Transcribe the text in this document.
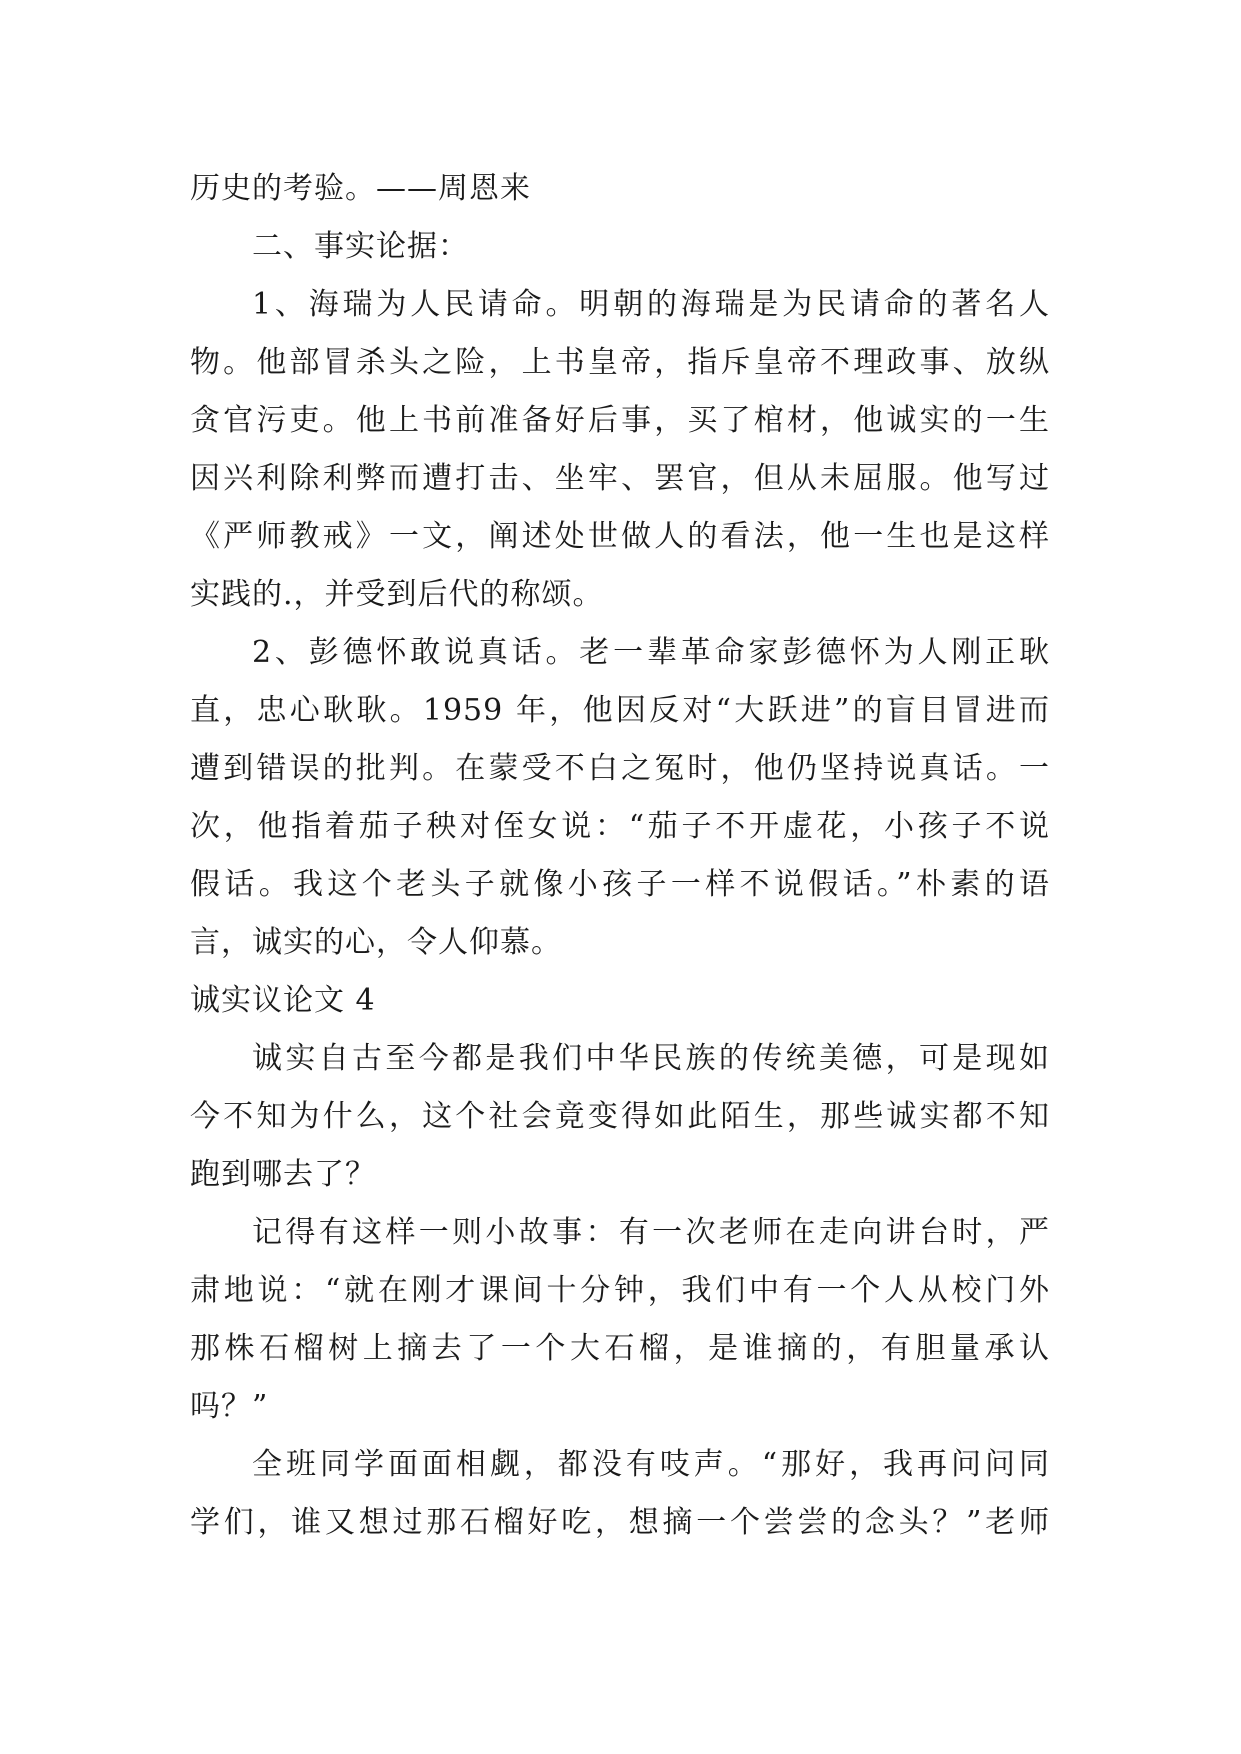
历史的考验。——周恩来

二、事实论据：

1、海瑞为人民请命。明朝的海瑞是为民请命的著名人

物。他部冒杀头之险，上书皇帝，指斥皇帝不理政事、放纵

贪官污吏。他上书前准备好后事，买了棺材，他诚实的一生

因兴利除利弊而遭打击、坐牢、罢官，但从未屈服。他写过

《严师教戒》一文，阐述处世做人的看法，他一生也是这样

实践的.，并受到后代的称颂。

2、彭德怀敢说真话。老一辈革命家彭德怀为人刚正耿

直，忠心耿耿。1959 年，他因反对“大跃进”的盲目冒进而

遭到错误的批判。在蒙受不白之冤时，他仍坚持说真话。一

次，他指着茄子秧对侄女说：“茄子不开虚花，小孩子不说

假话。我这个老头子就像小孩子一样不说假话。”朴素的语

言，诚实的心，令人仰慕。

诚实议论文 4

诚实自古至今都是我们中华民族的传统美德，可是现如

今不知为什么，这个社会竟变得如此陌生，那些诚实都不知

跑到哪去了？

记得有这样一则小故事：有一次老师在走向讲台时，严

肃地说：“就在刚才课间十分钟，我们中有一个人从校门外

那株石榴树上摘去了一个大石榴，是谁摘的，有胆量承认

吗？”

全班同学面面相觑，都没有吱声。“那好，我再问问同

学们，谁又想过那石榴好吃，想摘一个尝尝的念头？”老师
